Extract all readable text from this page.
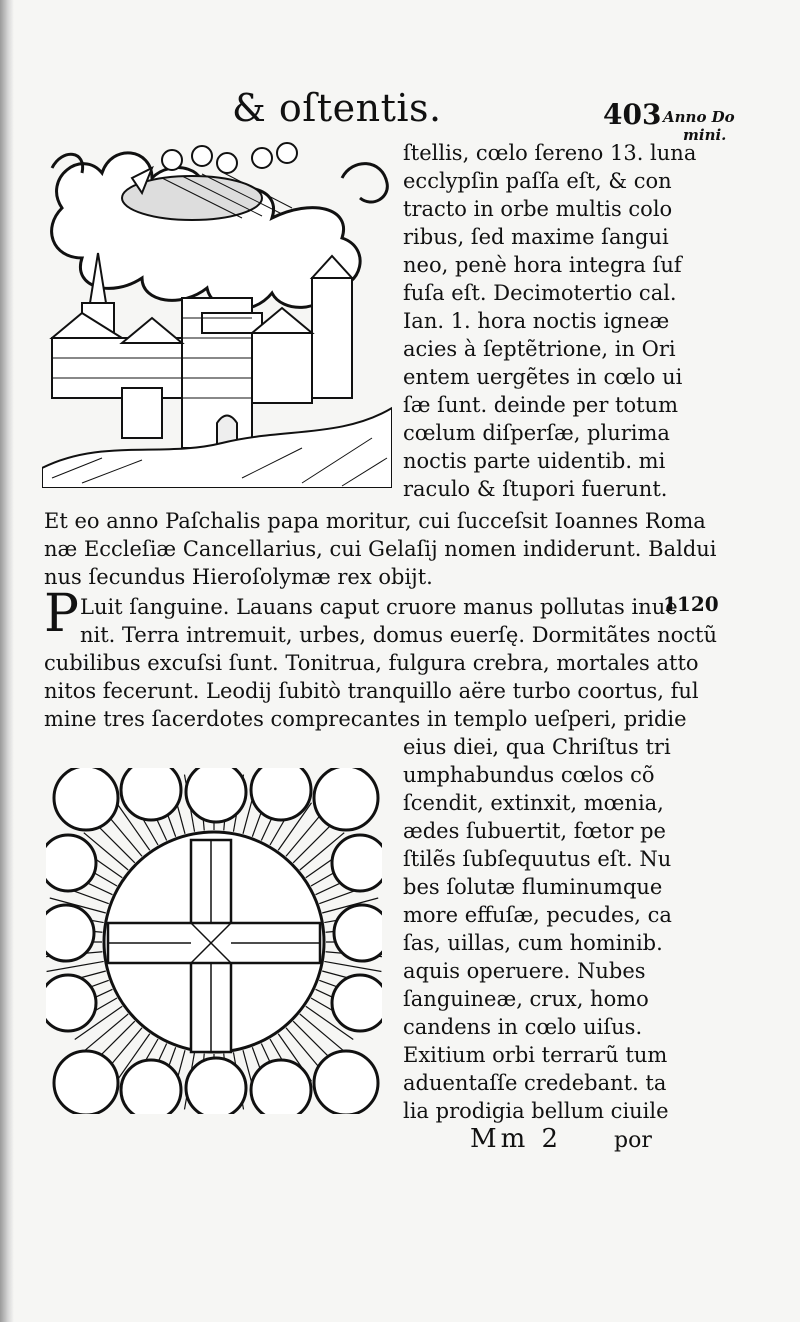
& oſtentis.	403 Anno Do
mini.
1120
ſtellis, cœlo ſereno 13. luna
ecclypſin paſſa eſt, & con
tracto in orbe multis colo
ribus, ſed maxime ſangui
neo, penè hora integra ſuf
fuſa eſt. Decimotertio cal.
Ian. 1. hora noctis igneæ
acies à ſeptẽtrione, in Ori
entem uergẽtes in cœlo ui
ſæ ſunt. deinde per totum
cœlum diſperſæ, plurima
noctis parte uidentib. mi
raculo & ſtupori fuerunt.
Et eo anno Paſchalis papa moritur, cui ſucceſsit Ioannes Roma
næ Eccleſiæ Cancellarius, cui Gelaſij nomen indiderunt. Baldui
nus ſecundus Hieroſolymæ rex obijt.
P Luit ſanguine. Lauans caput cruore manus pollutas inue
nit. Terra intremuit, urbes, domus euerſę. Dormitãtes noctũ
cubilibus excuſsi ſunt. Tonitrua, fulgura crebra, mortales atto
nitos fecerunt. Leodij ſubitò tranquillo aëre turbo coortus, ful
mine tres ſacerdotes comprecantes in templo ueſperi, pridie
eius diei, qua Chriſtus tri
umphabundus cœlos cõ
ſcendit, extinxit, mœnia,
ædes ſubuertit, fœtor pe
ſtilẽs ſubſequutus eſt. Nu
bes ſolutæ fluminumque
more effuſæ, pecudes, ca
ſas, uillas, cum hominib.
aquis operuere. Nubes
ſanguineæ, crux, homo
candens in cœlo uiſus.
Exitium orbi terrarũ tum
aduentaſſe credebant. ta
lia prodigia bellum ciuile
Mm 2 por
